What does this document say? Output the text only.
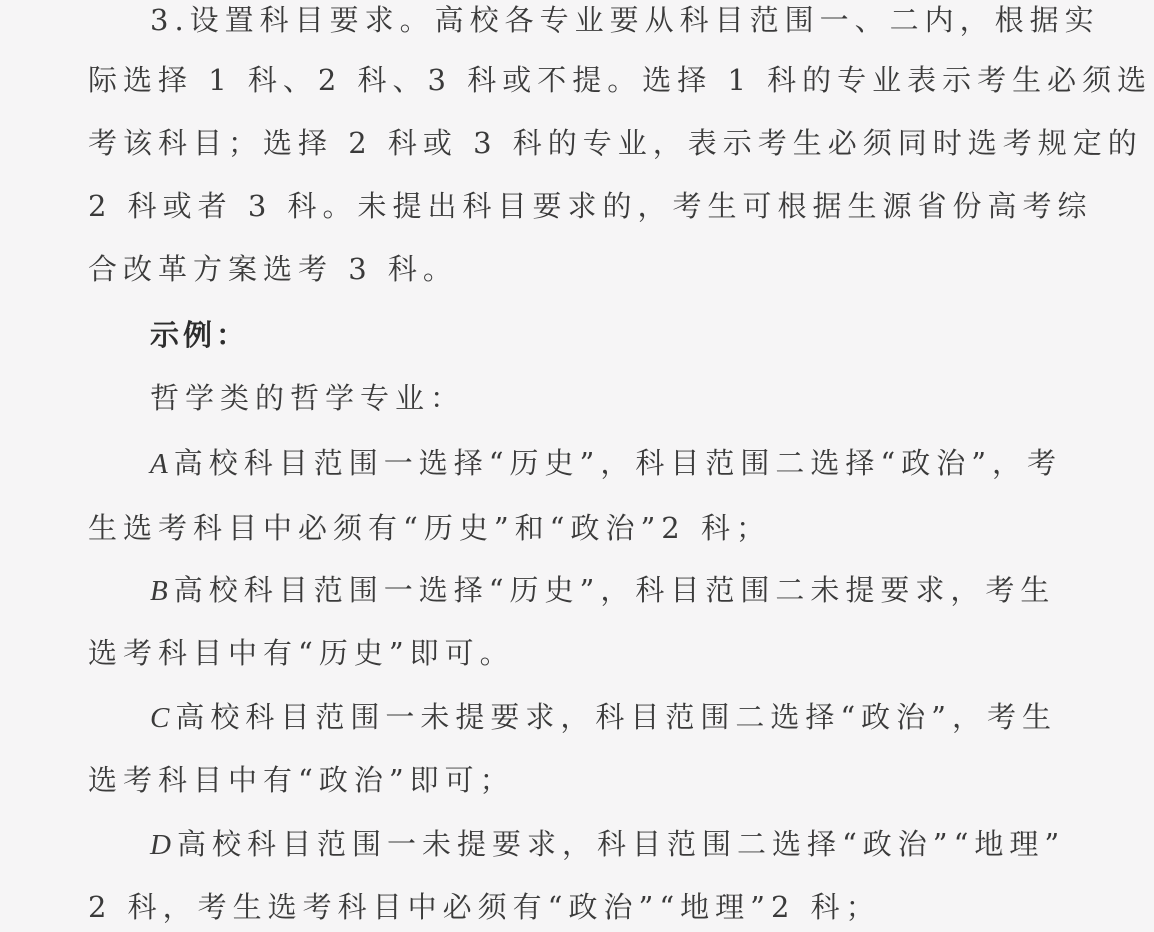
3.设置科目要求。高校各专业要从科目范围一、二内，根据实
际选择 1 科、2 科、3 科或不提。选择 1 科的专业表示考生必须选
考该科目；选择 2 科或 3 科的专业，表示考生必须同时选考规定的
2 科或者 3 科。未提出科目要求的，考生可根据生源省份高考综
合改革方案选考 3 科。
示例：
哲学类的哲学专业：
A 高校科目范围一选择“历史”，科目范围二选择“政治”，考
生选考科目中必须有“历史”和“政治”2 科；
B 高校科目范围一选择“历史”，科目范围二未提要求，考生
选考科目中有“历史”即可。
C 高校科目范围一未提要求，科目范围二选择“政治”，考生
选考科目中有“政治”即可；
D 高校科目范围一未提要求，科目范围二选择“政治”“地理”
2 科，考生选考科目中必须有“政治”“地理”2 科；
